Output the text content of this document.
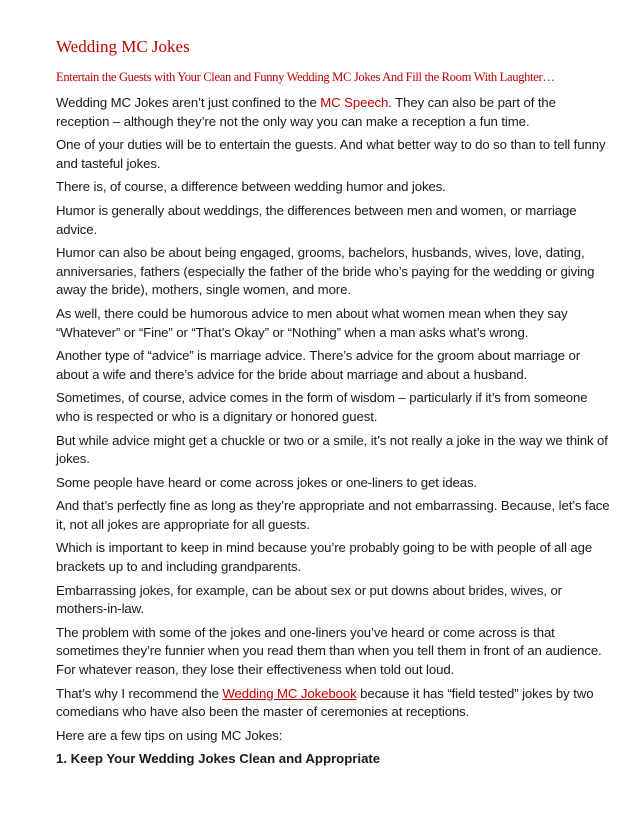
Wedding MC Jokes
Entertain the Guests with Your Clean and Funny Wedding MC Jokes And Fill the Room With Laughter…

Wedding MC Jokes aren’t just confined to the MC Speech. They can also be part of the reception – although they’re not the only way you can make a reception a fun time.

One of your duties will be to entertain the guests. And what better way to do so than to tell funny and tasteful jokes.

There is, of course, a difference between wedding humor and jokes.

Humor is generally about weddings, the differences between men and women, or marriage advice.

Humor can also be about being engaged, grooms, bachelors, husbands, wives, love, dating, anniversaries, fathers (especially the father of the bride who’s paying for the wedding or giving away the bride), mothers, single women, and more.

As well, there could be humorous advice to men about what women mean when they say “Whatever” or “Fine” or “That’s Okay” or “Nothing” when a man asks what’s wrong.

Another type of “advice” is marriage advice. There’s advice for the groom about marriage or about a wife and there’s advice for the bride about marriage and about a husband.

Sometimes, of course, advice comes in the form of wisdom – particularly if it’s from someone who is respected or who is a dignitary or honored guest.

But while advice might get a chuckle or two or a smile, it’s not really a joke in the way we think of jokes.

Some people have heard or come across jokes or one-liners to get ideas.

And that’s perfectly fine as long as they’re appropriate and not embarrassing. Because, let’s face it, not all jokes are appropriate for all guests.

Which is important to keep in mind because you’re probably going to be with people of all age brackets up to and including grandparents.

Embarrassing jokes, for example, can be about sex or put downs about brides, wives, or mothers-in-law.

The problem with some of the jokes and one-liners you’ve heard or come across is that sometimes they’re funnier when you read them than when you tell them in front of an audience. For whatever reason, they lose their effectiveness when told out loud.

That’s why I recommend the Wedding MC Jokebook because it has “field tested” jokes by two comedians who have also been the master of ceremonies at receptions.

Here are a few tips on using MC Jokes:

1. Keep Your Wedding Jokes Clean and Appropriate
